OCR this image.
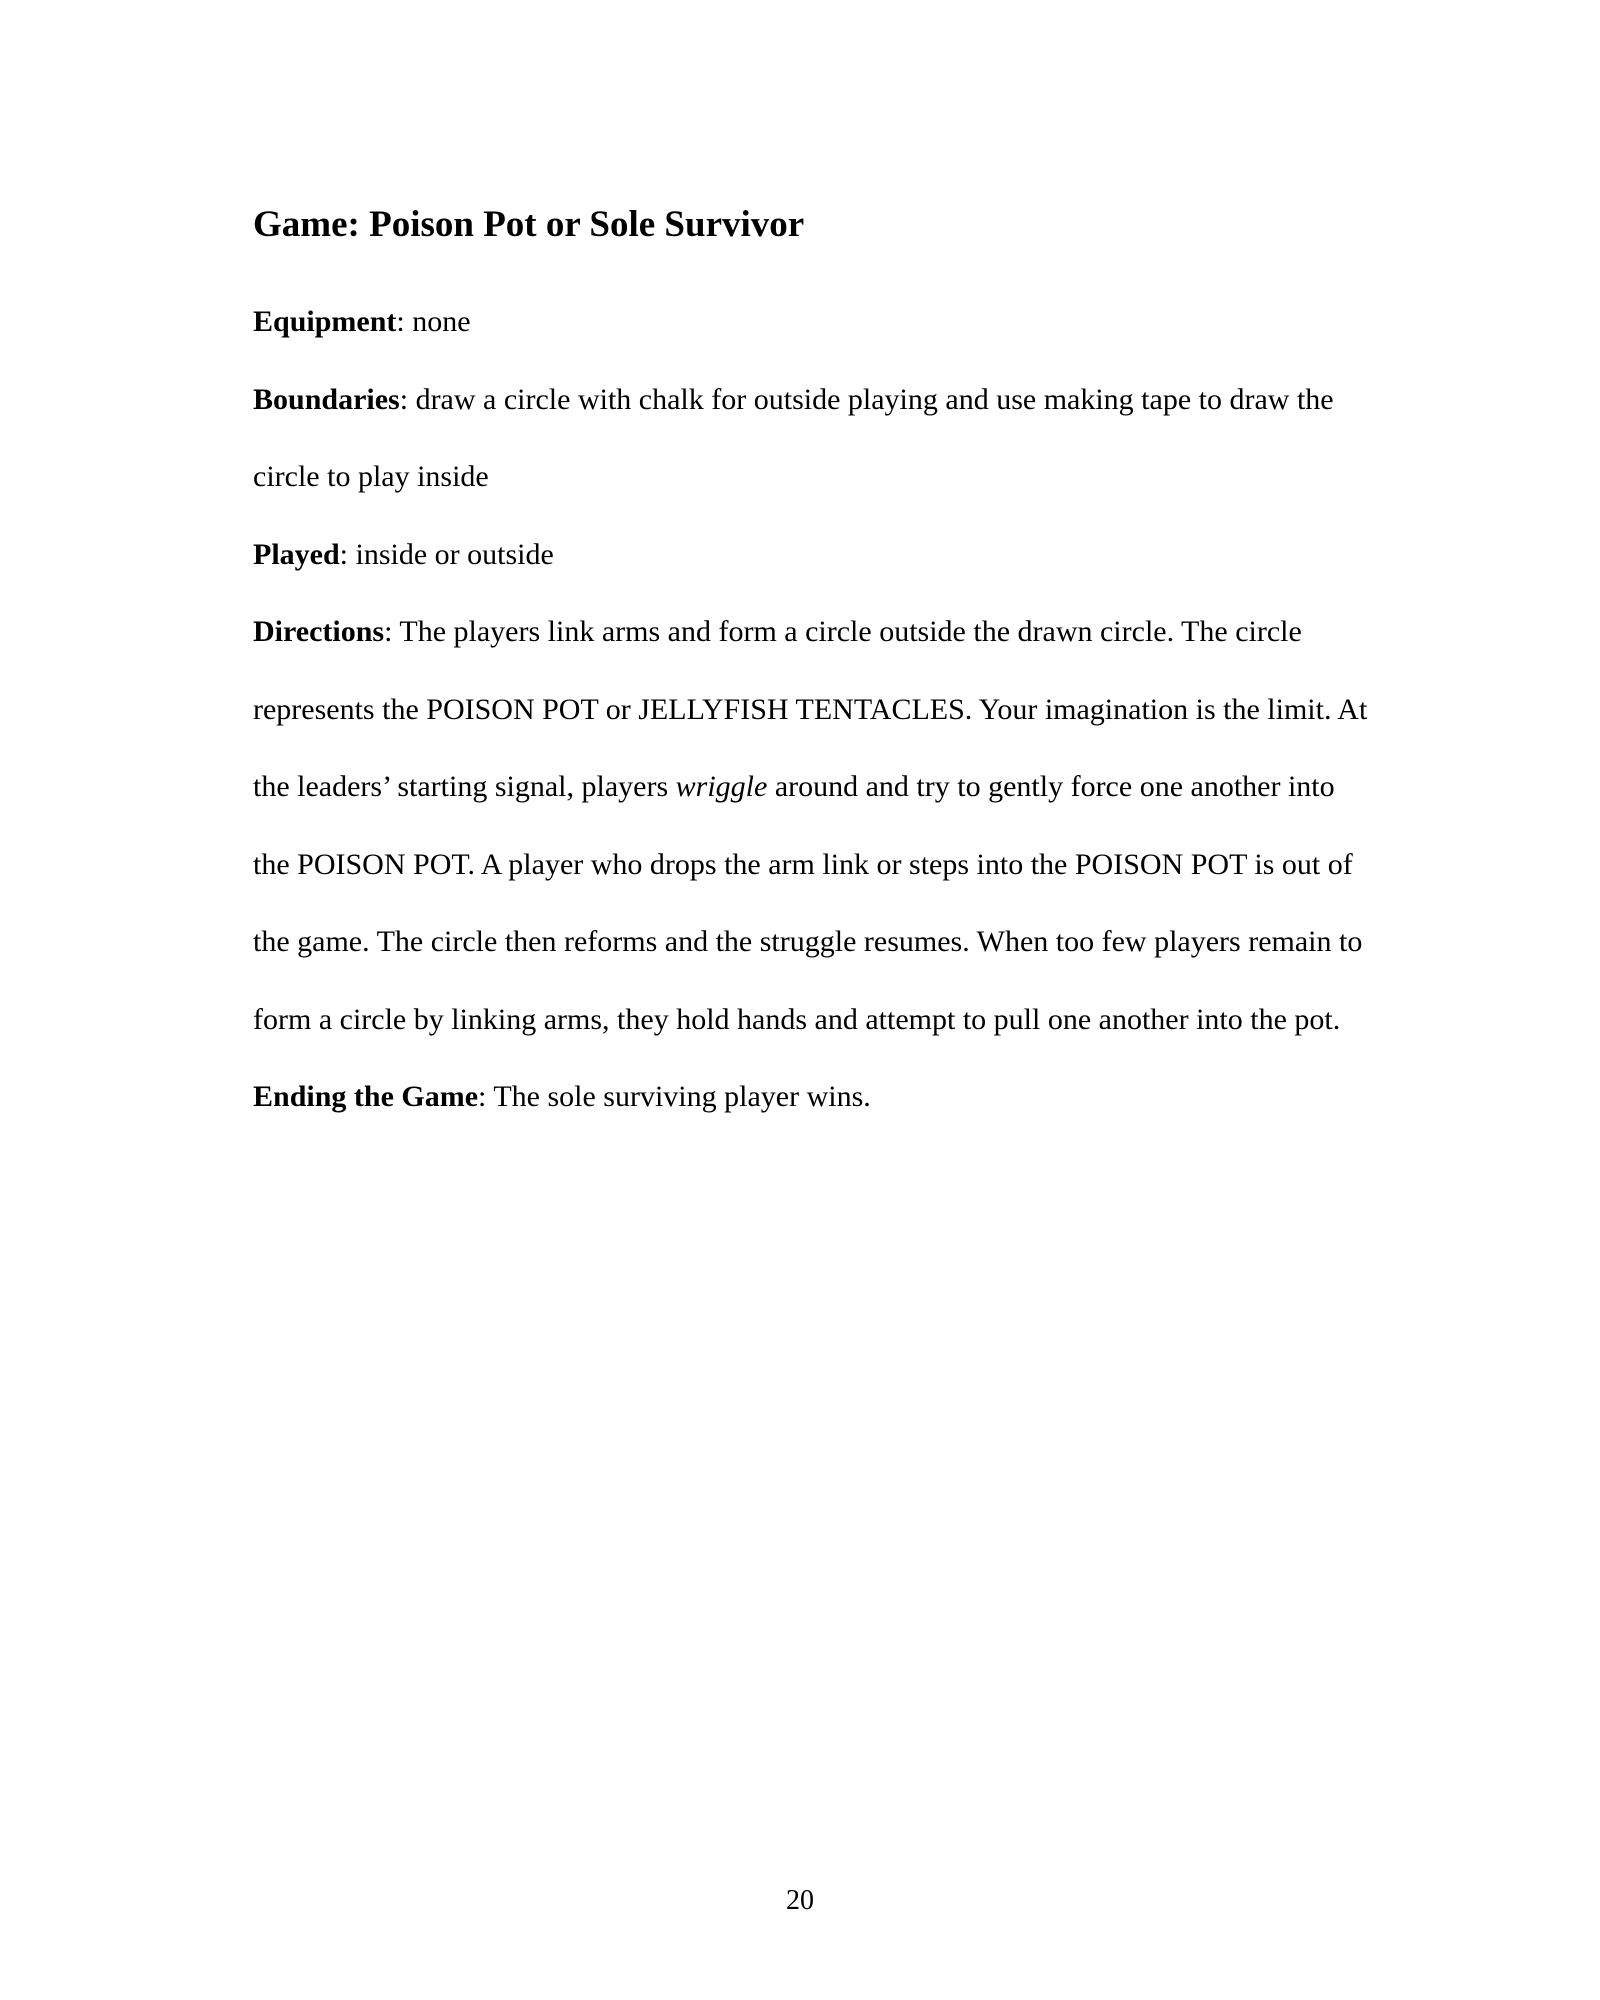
Game: Poison Pot or Sole Survivor

Equipment: none

Boundaries: draw a circle with chalk for outside playing and use making tape to draw the circle to play inside

Played: inside or outside

Directions: The players link arms and form a circle outside the drawn circle. The circle represents the POISON POT or JELLYFISH TENTACLES. Your imagination is the limit. At the leaders’ starting signal, players wriggle around and try to gently force one another into the POISON POT. A player who drops the arm link or steps into the POISON POT is out of the game. The circle then reforms and the struggle resumes. When too few players remain to form a circle by linking arms, they hold hands and attempt to pull one another into the pot.

Ending the Game: The sole surviving player wins.

20
